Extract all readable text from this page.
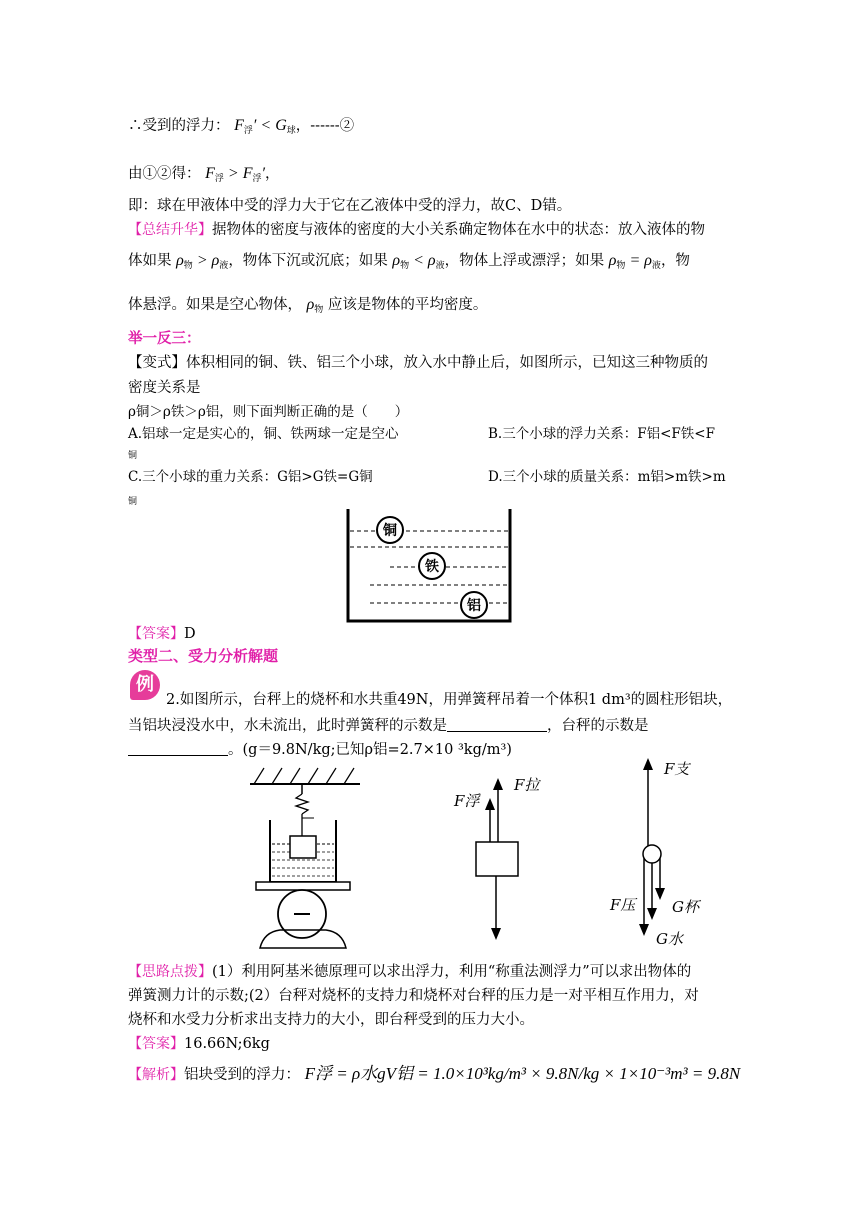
∴受到的浮力： $F_浮' < G_球$，------②
由①②得： $F_浮 > F_浮'$，
即：球在甲液体中受的浮力大于它在乙液体中受的浮力，故C、D错。
【总结升华】据物体的密度与液体的密度的大小关系确定物体在水中的状态：放入液体的物
体如果 $\rho_物 > \rho_液$，物体下沉或沉底；如果 $\rho_物 < \rho_液$，物体上浮或漂浮；如果 $\rho_物 = \rho_液$，物
体悬浮。如果是空心物体， $\rho_物$ 应该是物体的平均密度。
举一反三：
【变式】体积相同的铜、铁、铝三个小球，放入水中静止后，如图所示，已知这三种物质的
密度关系是
ρ铜＞ρ铁＞ρ铝，则下面判断正确的是（　　）
A.铝球一定是实心的，铜、铁两球一定是空心	B.三个小球的浮力关系：F铝<F铁<F
铜
C.三个小球的重力关系：G铝>G铁=G铜	D.三个小球的质量关系：m铝>m铁>m
铜
铜
铁
铝
【答案】D
类型二、受力分析解题
例
2.如图所示，台秤上的烧杯和水共重49N，用弹簧秤吊着一个体积1 dm³的圆柱形铝块，
当铝块浸没水中，水未流出，此时弹簧秤的示数是	，台秤的示数是
。(g＝9.8N/kg;已知ρ铝=2.7×10 ³kg/m³)
F浮
F拉
F支
F压 G杯
G水
【思路点拨】(1）利用阿基米德原理可以求出浮力，利用“称重法测浮力”可以求出物体的
弹簧测力计的示数;(2）台秤对烧杯的支持力和烧杯对台秤的压力是一对平相互作用力，对
烧杯和水受力分析求出支持力的大小，即台秤受到的压力大小。
【答案】16.66N;6kg
【解析】铝块受到的浮力： F浮 = ρ水gV铝 = 1.0×10³kg/m³ × 9.8N/kg × 1×10⁻³m³ = 9.8N
